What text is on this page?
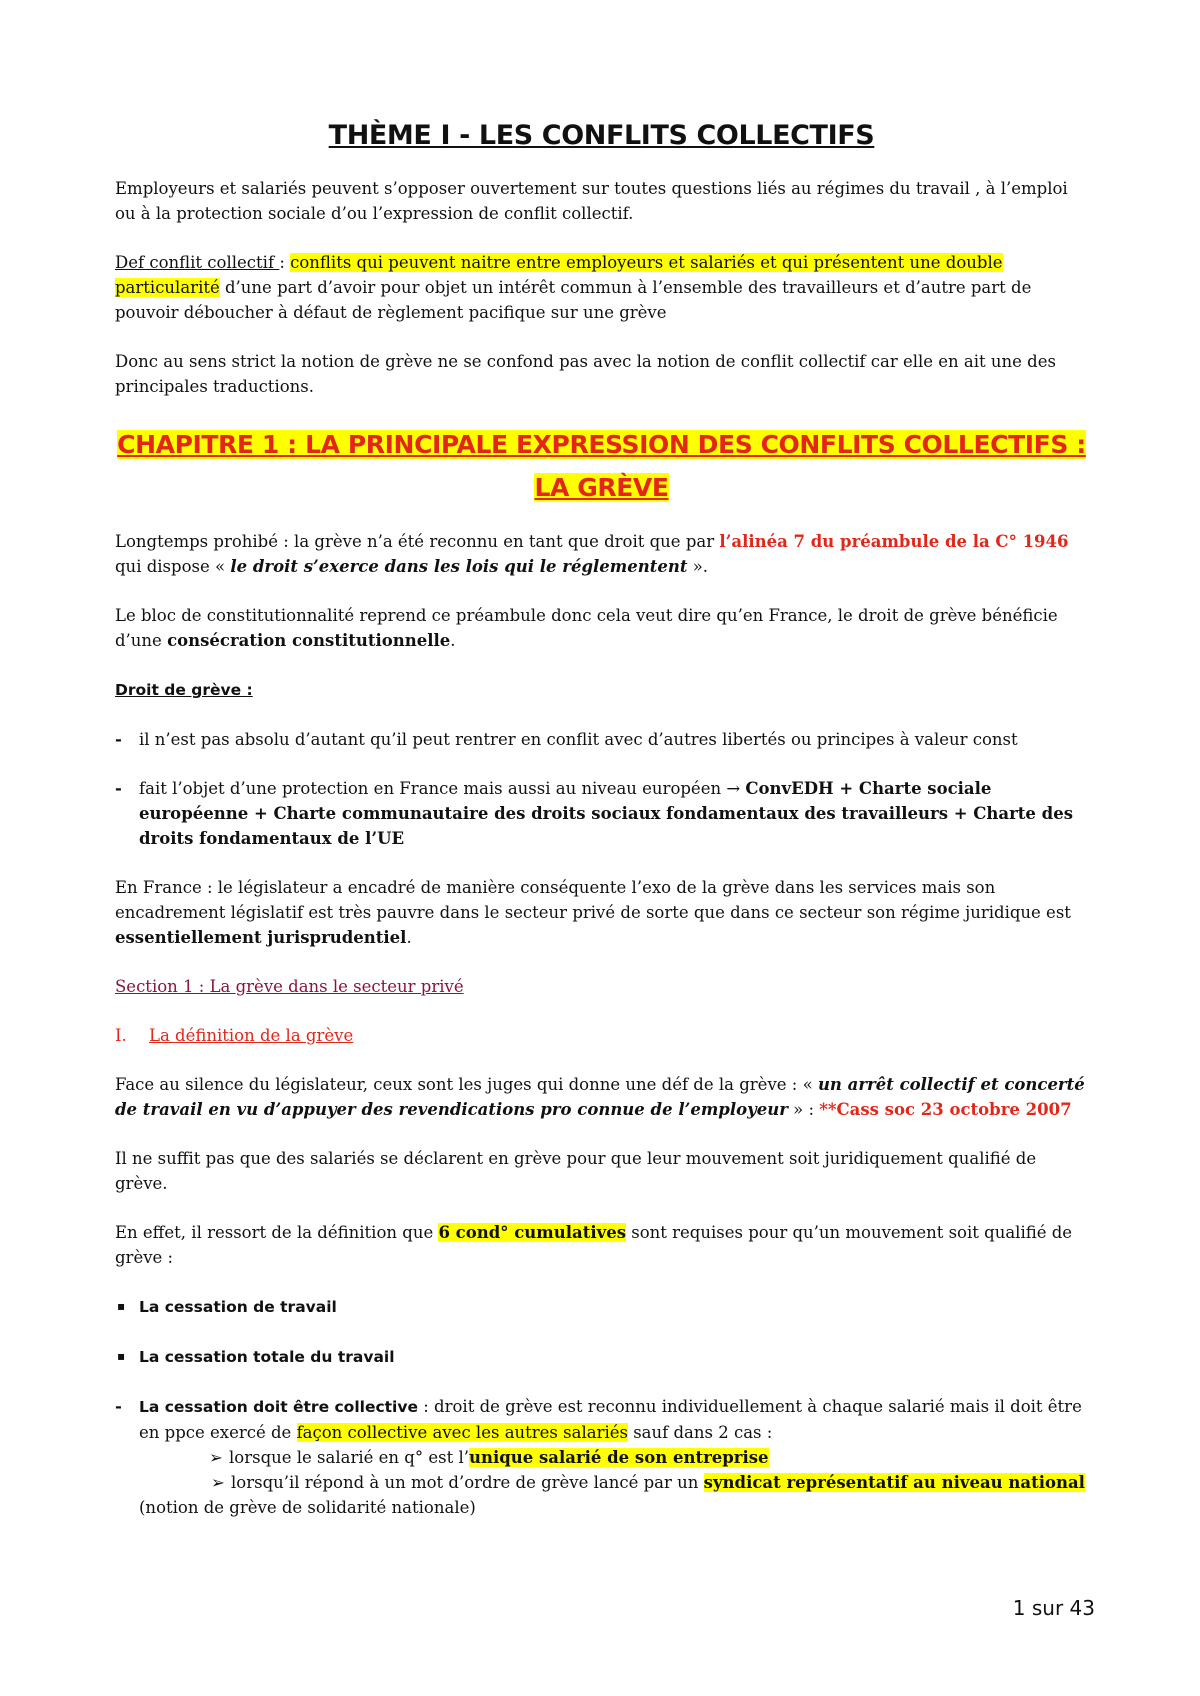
THÈME I - LES CONFLITS COLLECTIFS

Employeurs et salariés peuvent s’opposer ouvertement sur toutes questions liés au régimes du travail , à l’emploi ou à la protection sociale d’ou l’expression de conflit collectif.

Def conflit collectif : conflits qui peuvent naitre entre employeurs et salariés et qui présentent une double particularité d’une part d’avoir pour objet un intérêt commun à l’ensemble des travailleurs et d’autre part de pouvoir déboucher à défaut de règlement pacifique sur une grève

Donc au sens strict la notion de grève ne se confond pas avec la notion de conflit collectif car elle en ait une des principales traductions.

CHAPITRE 1 : LA PRINCIPALE EXPRESSION DES CONFLITS COLLECTIFS : LA GRÈVE

Longtemps prohibé : la grève n’a été reconnu en tant que droit que par l’alinéa 7 du préambule de la C° 1946 qui dispose « le droit s’exerce dans les lois qui le réglementent ».

Le bloc de constitutionnalité reprend ce préambule donc cela veut dire qu’en France, le droit de grève bénéficie d’une consécration constitutionnelle.

Droit de grève :

- il n’est pas absolu d’autant qu’il peut rentrer en conflit avec d’autres libertés ou principes à valeur const
- fait l’objet d’une protection en France mais aussi au niveau européen → ConvEDH + Charte sociale européenne + Charte communautaire des droits sociaux fondamentaux des travailleurs + Charte des droits fondamentaux de l’UE

En France : le législateur a encadré de manière conséquente l’exo de la grève dans les services mais son encadrement législatif est très pauvre dans le secteur privé de sorte que dans ce secteur son régime juridique est essentiellement jurisprudentiel.

Section 1 : La grève dans le secteur privé

I. La définition de la grève

Face au silence du législateur, ceux sont les juges qui donne une déf de la grève : « un arrêt collectif et concerté de travail en vu d’appuyer des revendications pro connue de l’employeur » : **Cass soc 23 octobre 2007

Il ne suffit pas que des salariés se déclarent en grève pour que leur mouvement soit juridiquement qualifié de grève.

En effet, il ressort de la définition que 6 cond° cumulatives sont requises pour qu’un mouvement soit qualifié de grève :

▪ La cessation de travail
▪ La cessation totale du travail
- La cessation doit être collective : droit de grève est reconnu individuellement à chaque salarié mais il doit être en ppce exercé de façon collective avec les autres salariés sauf dans 2 cas :
➢ lorsque le salarié en q° est l’unique salarié de son entreprise
➢ lorsqu’il répond à un mot d’ordre de grève lancé par un syndicat représentatif au niveau national (notion de grève de solidarité nationale)
1 sur 43
